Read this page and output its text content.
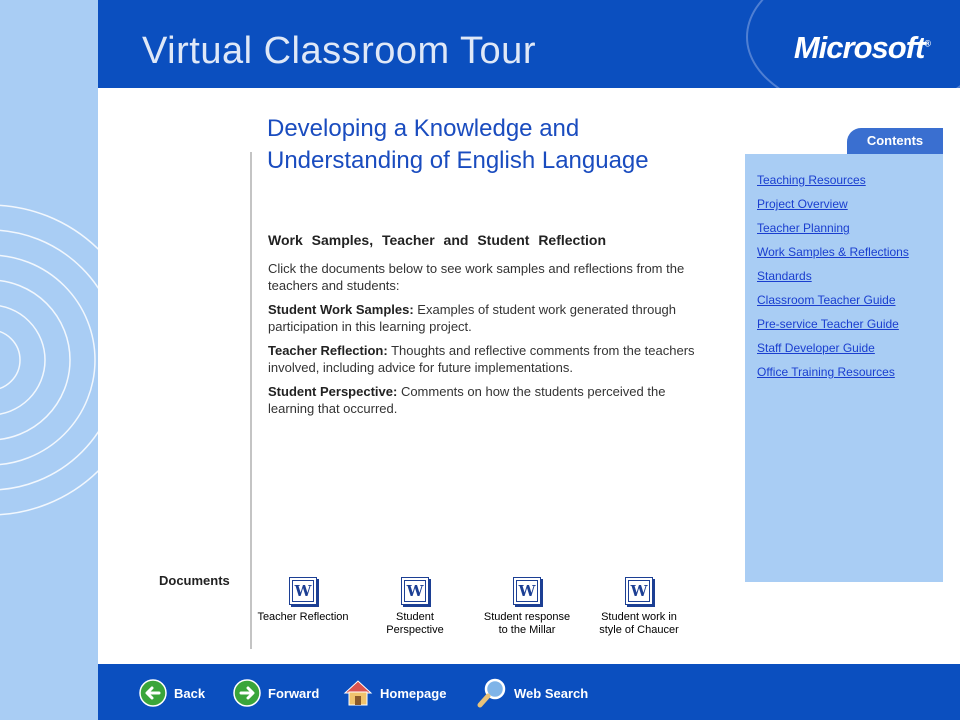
Virtual Classroom Tour	Microsoft®
Developing a Knowledge and
Understanding of English Language
Work Samples, Teacher and Student Reflection

Click the documents below to see work samples and reflections from the teachers and students:

Student Work Samples: Examples of student work generated through participation in this learning project.

Teacher Reflection: Thoughts and reflective comments from the teachers involved, including advice for future implementations.

Student Perspective: Comments on how the students perceived the learning that occurred.

Contents
Teaching Resources
Project Overview
Teacher Planning
Work Samples & Reflections
Standards
Classroom Teacher Guide
Pre-service Teacher Guide
Staff Developer Guide
Office Training Resources
Documents
W
Teacher Reflection
W
Student
Perspective
W
Student response
to the Millar
W
Student work in
style of Chaucer
Back	Forward	Homepage	Web Search
